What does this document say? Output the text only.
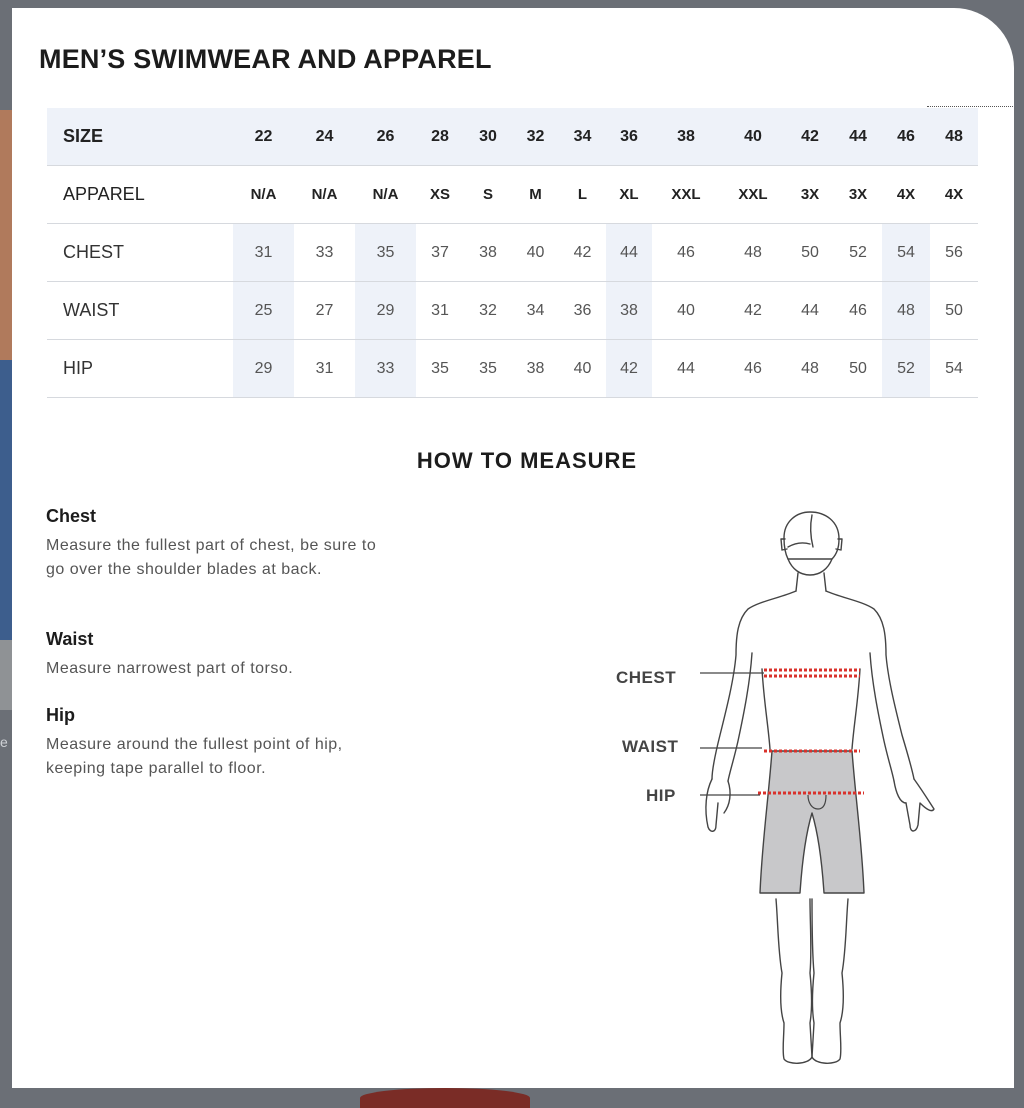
e
MEN’S SWIMWEAR AND APPAREL
SIZE	22	24	26	28	30	32	34	36	38	40	42	44	46	48
APPAREL	N/A	N/A	N/A	XS	S	M	L	XL	XXL	XXL	3X	3X	4X	4X
CHEST	31	33	35	37	38	40	42	44	46	48	50	52	54	56
WAIST	25	27	29	31	32	34	36	38	40	42	44	46	48	50
HIP	29	31	33	35	35	38	40	42	44	46	48	50	52	54
HOW TO MEASURE
Chest

Measure the fullest part of chest, be sure to go over the shoulder blades at back.

Waist

Measure narrowest part of torso.

Hip

Measure around the fullest point of hip, keeping tape parallel to floor.

CHEST
WAIST
HIP
